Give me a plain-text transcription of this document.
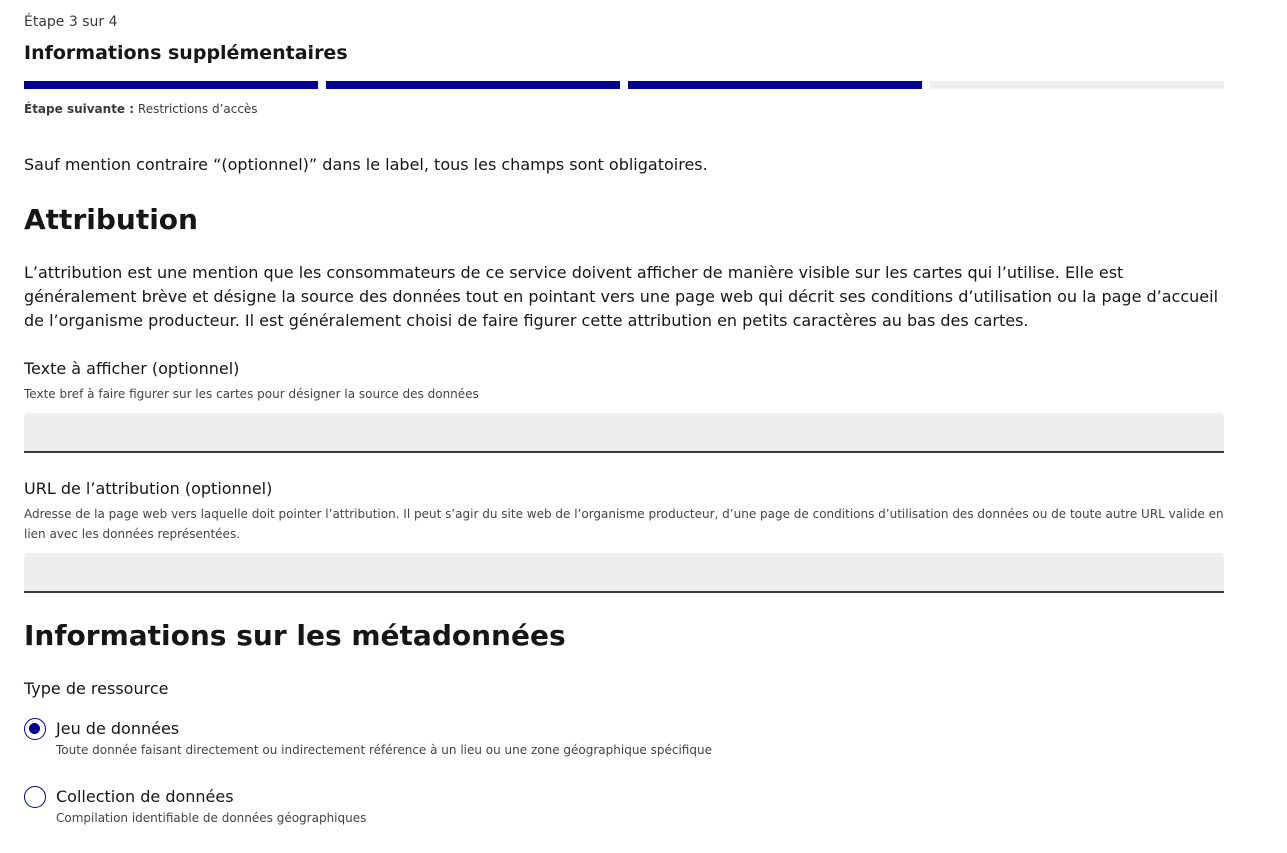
Étape 3 sur 4
Informations supplémentaires
Étape suivante : Restrictions d’accès
Sauf mention contraire “(optionnel)” dans le label, tous les champs sont obligatoires.
Attribution

L’attribution est une mention que les consommateurs de ce service doivent afficher de manière visible sur les cartes qui l’utilise. Elle est généralement brève et désigne la source des données tout en pointant vers une page web qui décrit ses conditions d’utilisation ou la page d’accueil de l’organisme producteur. Il est généralement choisi de faire figurer cette attribution en petits caractères au bas des cartes.

Texte à afficher (optionnel)
Texte bref à faire figurer sur les cartes pour désigner la source des données
URL de l’attribution (optionnel)
Adresse de la page web vers laquelle doit pointer l’attribution. Il peut s’agir du site web de l’organisme producteur, d’une page de conditions d’utilisation des données ou de toute autre URL valide en lien avec les données représentées.
Informations sur les métadonnées
Type de ressource
Jeu de données
Toute donnée faisant directement ou indirectement référence à un lieu ou une zone géographique spécifique
Collection de données
Compilation identifiable de données géographiques
